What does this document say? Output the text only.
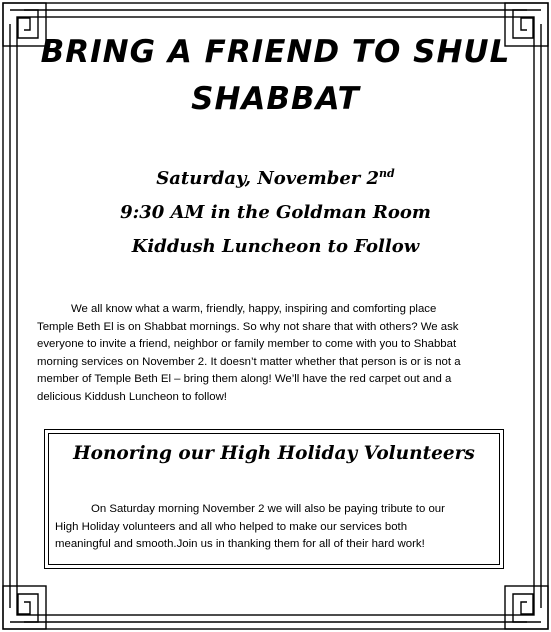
BRING A FRIEND TO SHUL
SHABBAT
Saturday, November 2nd
9:30 AM in the Goldman Room
Kiddush Luncheon to Follow
We all know what a warm, friendly, happy, inspiring and comforting place
Temple Beth El is on Shabbat mornings. So why not share that with others? We ask
everyone to invite a friend, neighbor or family member to come with you to Shabbat
morning services on November 2. It doesn’t matter whether that person is or is not a
member of Temple Beth El – bring them along! We’ll have the red carpet out and a
delicious Kiddush Luncheon to follow!
Honoring our High Holiday Volunteers
On Saturday morning November 2 we will also be paying tribute to our
High Holiday volunteers and all who helped to make our services both
meaningful and smooth.Join us in thanking them for all of their hard work!
